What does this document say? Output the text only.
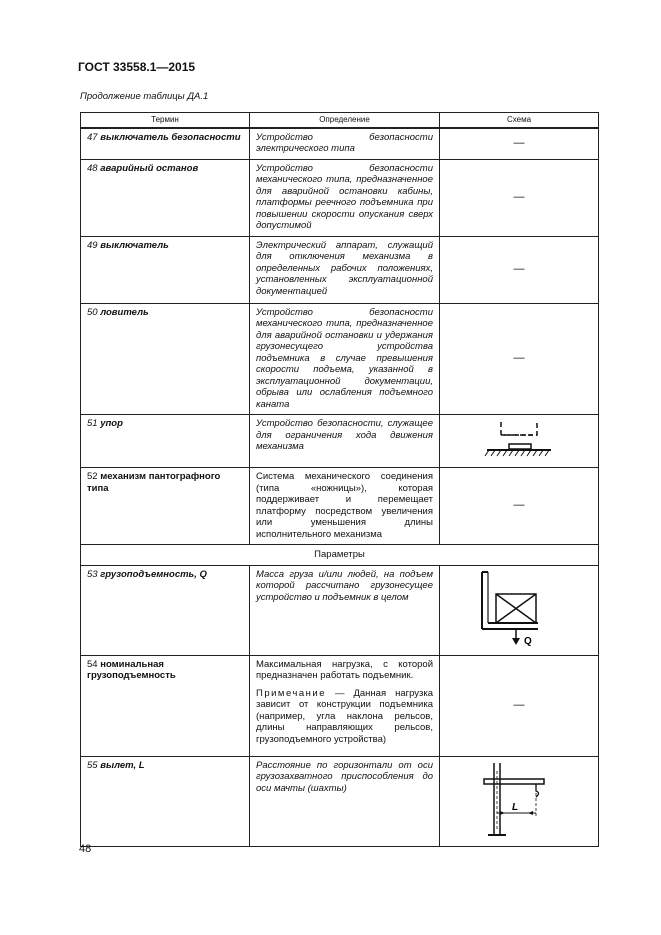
ГОСТ 33558.1—2015
Продолжение таблицы ДА.1
Термин	Определение	Схема
47 выключатель безопасности	Устройство безопасности электрического типа	—
48 аварийный останов	Устройство безопасности механического типа, предназначенное для аварийной остановки кабины, платформы реечного подъемника при повышении скорости опускания сверх допустимой	—
49 выключатель	Электрический аппарат, служащий для отключения механизма в определенных рабочих положениях, установленных эксплуатационной документацией	—
50 ловитель	Устройство безопасности механического типа, предназначенное для аварийной остановки и удержания грузонесущего устройства подъемника в случае превышения скорости подъема, указанной в эксплуатационной документации, обрыва или ослабления подъемного каната	—
51 упор	Устройство безопасности, служащее для ограничения хода движения механизма	
52 механизм пантографного типа	Система механического соединения (типа «ножницы»), которая поддерживает и перемещает платформу посредством увеличения или уменьшения длины исполнительного механизма	—
Параметры		
53 грузоподъемность, Q	Масса груза и/или людей, на подъем которой рассчитано грузонесущее устройство и подъемник в целом	Q

54 номинальная грузоподъемность	Максимальная нагрузка, с которой предназначен работать подъемник.
Примечание — Данная нагрузка зависит от конструкции подъемника (например, угла наклона рельсов, длины направляющих рельсов, грузоподъемного устройства)	—
55 вылет, L	Расстояние по горизонтали от оси грузозахватного приспособления до оси мачты (шахты)	L
48
